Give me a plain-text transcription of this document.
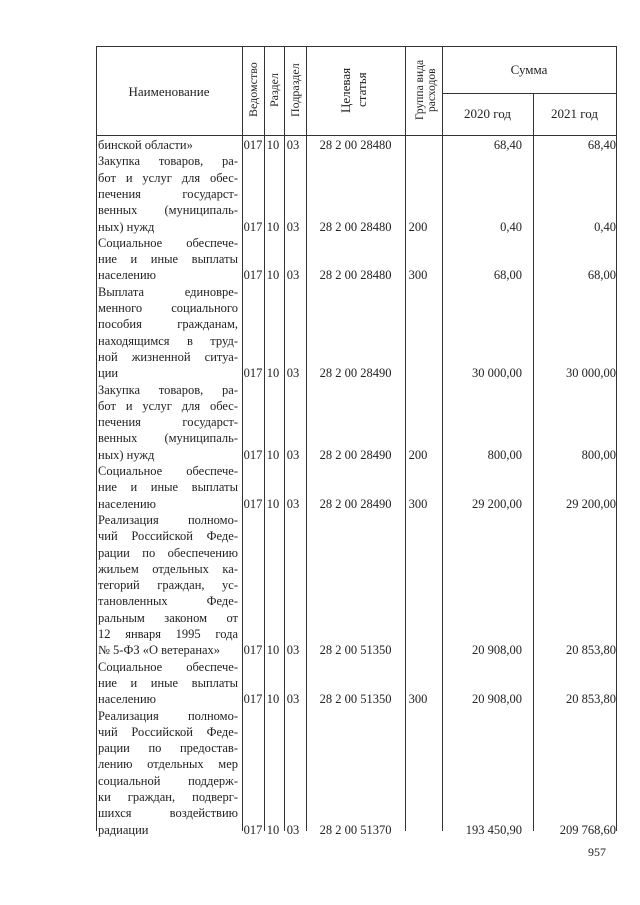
Наименование	Ведомство Раздел Подраздел	Целевая статья	Группа вида расходов	Сумма
2020 год	2021 год
бинской области»	017 10 03	28 2 00 28480	68,40	68,40
Закупка товаров, ра-
бот и услуг для обес-
печения государст-
венных (муниципаль-
ных) нужд	017 10 03	28 2 00 28480	200	0,40	0,40
Социальное обеспече-
ние и иные выплаты
населению	017 10 03	28 2 00 28480	300	68,00	68,00
Выплата единовре-
менного социального
пособия гражданам,
находящимся в труд-
ной жизненной ситуа-
ции	017 10 03	28 2 00 28490	30 000,00	30 000,00
Закупка товаров, ра-
бот и услуг для обес-
печения государст-
венных (муниципаль-
ных) нужд	017 10 03	28 2 00 28490	200	800,00	800,00
Социальное обеспече-
ние и иные выплаты
населению	017 10 03	28 2 00 28490	300	29 200,00	29 200,00
Реализация полномо-
чий Российской Феде-
рации по обеспечению
жильем отдельных ка-
тегорий граждан, ус-
тановленных Феде-
ральным законом от
12 января 1995 года
№ 5-ФЗ «О ветеранах»	017 10 03	28 2 00 51350	20 908,00	20 853,80
Социальное обеспече-
ние и иные выплаты
населению	017 10 03	28 2 00 51350	300	20 908,00	20 853,80
Реализация полномо-
чий Российской Феде-
рации по предостав-
лению отдельных мер
социальной поддерж-
ки граждан, подверг-
шихся воздействию
радиации	017 10 03	28 2 00 51370	193 450,90	209 768,60
957
